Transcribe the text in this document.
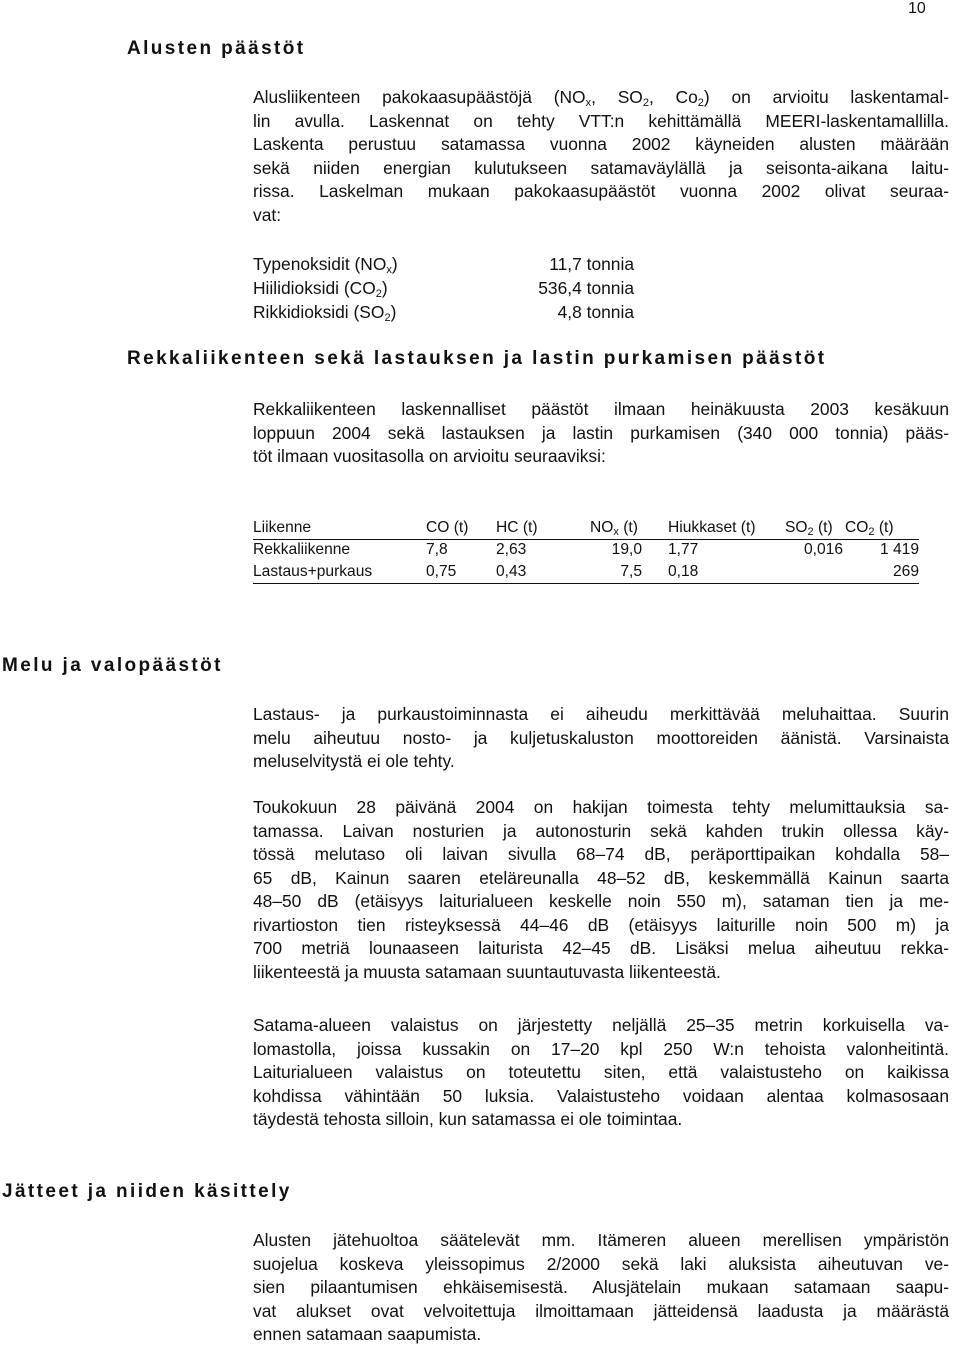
10
Alusten päästöt
Alusliikenteen pakokaasupäästöjä ($NO_x$, $SO_2$, $Co_2$) on arvioitu laskentamal-
lin avulla. Laskennat on tehty VTT:n kehittämällä MEERI-laskentamallilla.
Laskenta perustuu satamassa vuonna 2002 käyneiden alusten määrään
sekä niiden energian kulutukseen satamaväylällä ja seisonta-aikana laitu-
rissa. Laskelman mukaan pakokaasupäästöt vuonna 2002 olivat seuraa-
vat:
Typenoksidit $(NO_x)$	11,7 tonnia
Hiilidioksidi $(CO_2)$	536,4 tonnia
Rikkidioksidi $(SO_2)$	4,8 tonnia
Rekkaliikenteen sekä lastauksen ja lastin purkamisen päästöt
Rekkaliikenteen laskennalliset päästöt ilmaan heinäkuusta 2003 kesäkuun
loppuun 2004 sekä lastauksen ja lastin purkamisen (340 000 tonnia) pääs-
töt ilmaan vuositasolla on arvioitu seuraaviksi:
Liikenne	CO (t)	HC (t)	$NO_x$ (t)	Hiukkaset (t)	$SO_2$ (t)	$CO_2$ (t)
Rekkaliikenne	7,8	2,63	19,0	1,77	0,016	1 419
Lastaus+purkaus	0,75	0,43	7,5	0,18		269
Melu ja valopäästöt
Lastaus- ja purkaustoiminnasta ei aiheudu merkittävää meluhaittaa. Suurin
melu aiheutuu nosto- ja kuljetuskaluston moottoreiden äänistä. Varsinaista
meluselvitystä ei ole tehty.
Toukokuun 28 päivänä 2004 on hakijan toimesta tehty melumittauksia sa-
tamassa. Laivan nosturien ja autonosturin sekä kahden trukin ollessa käy-
tössä melutaso oli laivan sivulla 68–74 dB, peräporttipaikan kohdalla 58–
65 dB, Kainun saaren eteläreunalla 48–52 dB, keskemmällä Kainun saarta
48–50 dB (etäisyys laiturialueen keskelle noin 550 m), sataman tien ja me-
rivartioston tien risteyksessä 44–46 dB (etäisyys laiturille noin 500 m) ja
700 metriä lounaaseen laiturista 42–45 dB. Lisäksi melua aiheutuu rekka-
liikenteestä ja muusta satamaan suuntautuvasta liikenteestä.
Satama-alueen valaistus on järjestetty neljällä 25–35 metrin korkuisella va-
lomastolla, joissa kussakin on 17–20 kpl 250 W:n tehoista valonheitintä.
Laiturialueen valaistus on toteutettu siten, että valaistusteho on kaikissa
kohdissa vähintään 50 luksia. Valaistusteho voidaan alentaa kolmasosaan
täydestä tehosta silloin, kun satamassa ei ole toimintaa.
Jätteet ja niiden käsittely
Alusten jätehuoltoa säätelevät mm. Itämeren alueen merellisen ympäristön
suojelua koskeva yleissopimus 2/2000 sekä laki aluksista aiheutuvan ve-
sien pilaantumisen ehkäisemisestä. Alusjätelain mukaan satamaan saapu-
vat alukset ovat velvoitettuja ilmoittamaan jätteidensä laadusta ja määrästä
ennen satamaan saapumista.
